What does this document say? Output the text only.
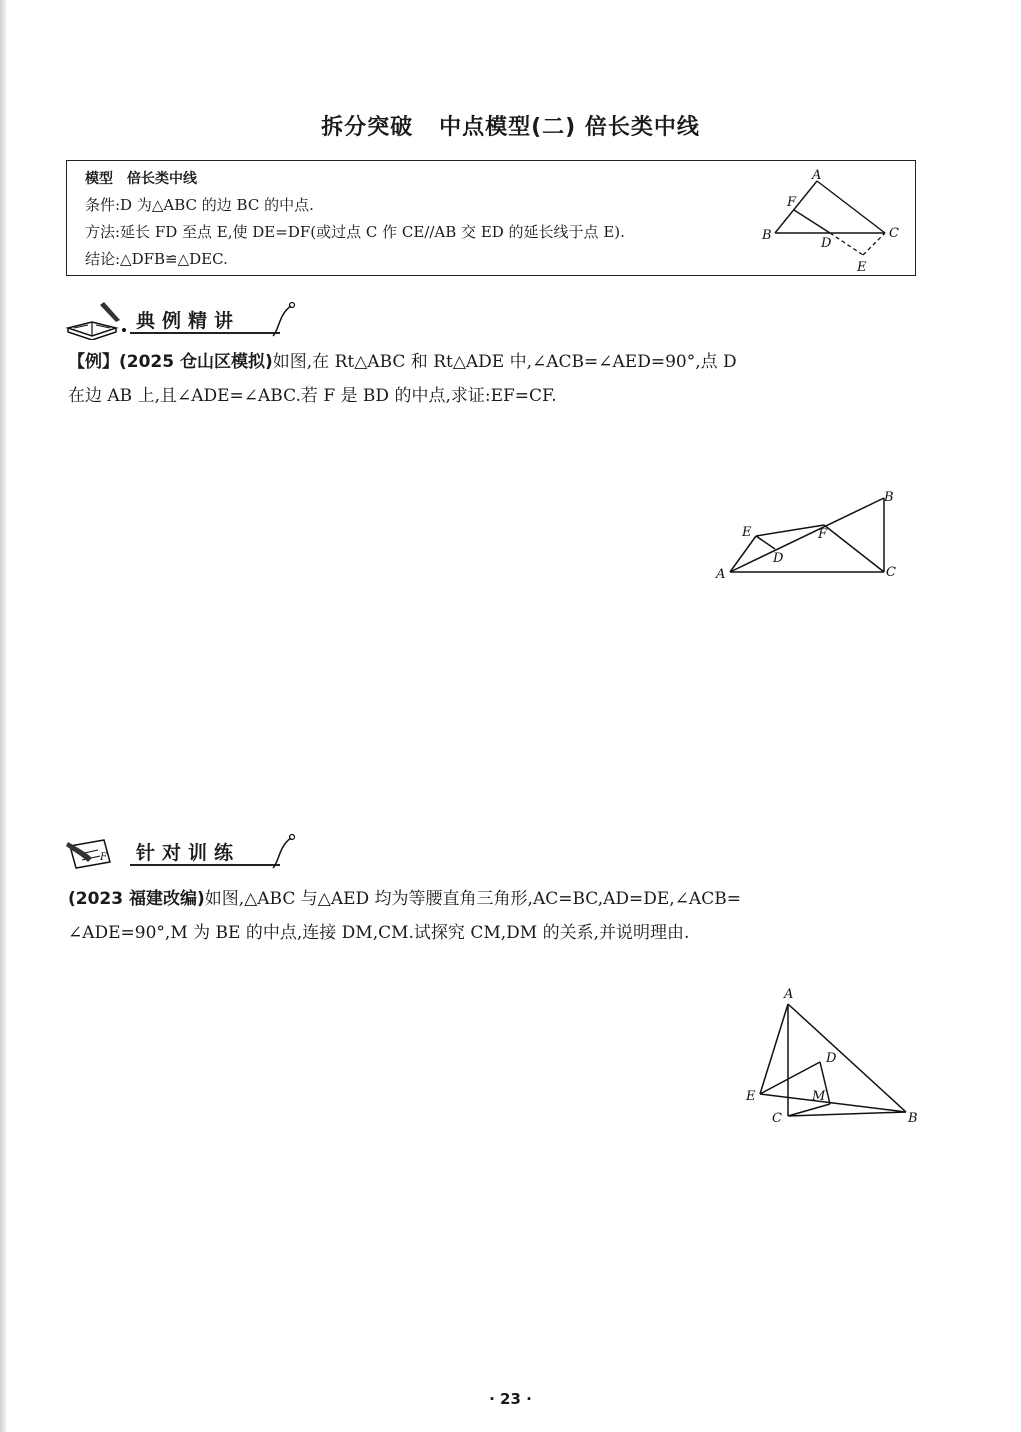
拆分突破 中点模型(二) 倍长类中线
模型　倍长类中线
条件:D 为△ABC 的边 BC 的中点.
方法:延长 FD 至点 E,使 DE=DF(或过点 C 作 CE//AB 交 ED 的延长线于点 E).
结论:△DFB≌△DEC.
A
B	C
D
E
F
典例精讲
【例】(2025 仓山区模拟)如图,在 Rt△ABC 和 Rt△ADE 中,∠ACB=∠AED=90°,点 D
在边 AB 上,且∠ADE=∠ABC.若 F 是 BD 的中点,求证:EF=CF.
B
C
A
E
D
F
F 针对训练
(2023 福建改编)如图,△ABC 与△AED 均为等腰直角三角形,AC=BC,AD=DE,∠ACB=
∠ADE=90°,M 为 BE 的中点,连接 DM,CM.试探究 CM,DM 的关系,并说明理由.
A
B
C
D
E	M
· 23 ·
